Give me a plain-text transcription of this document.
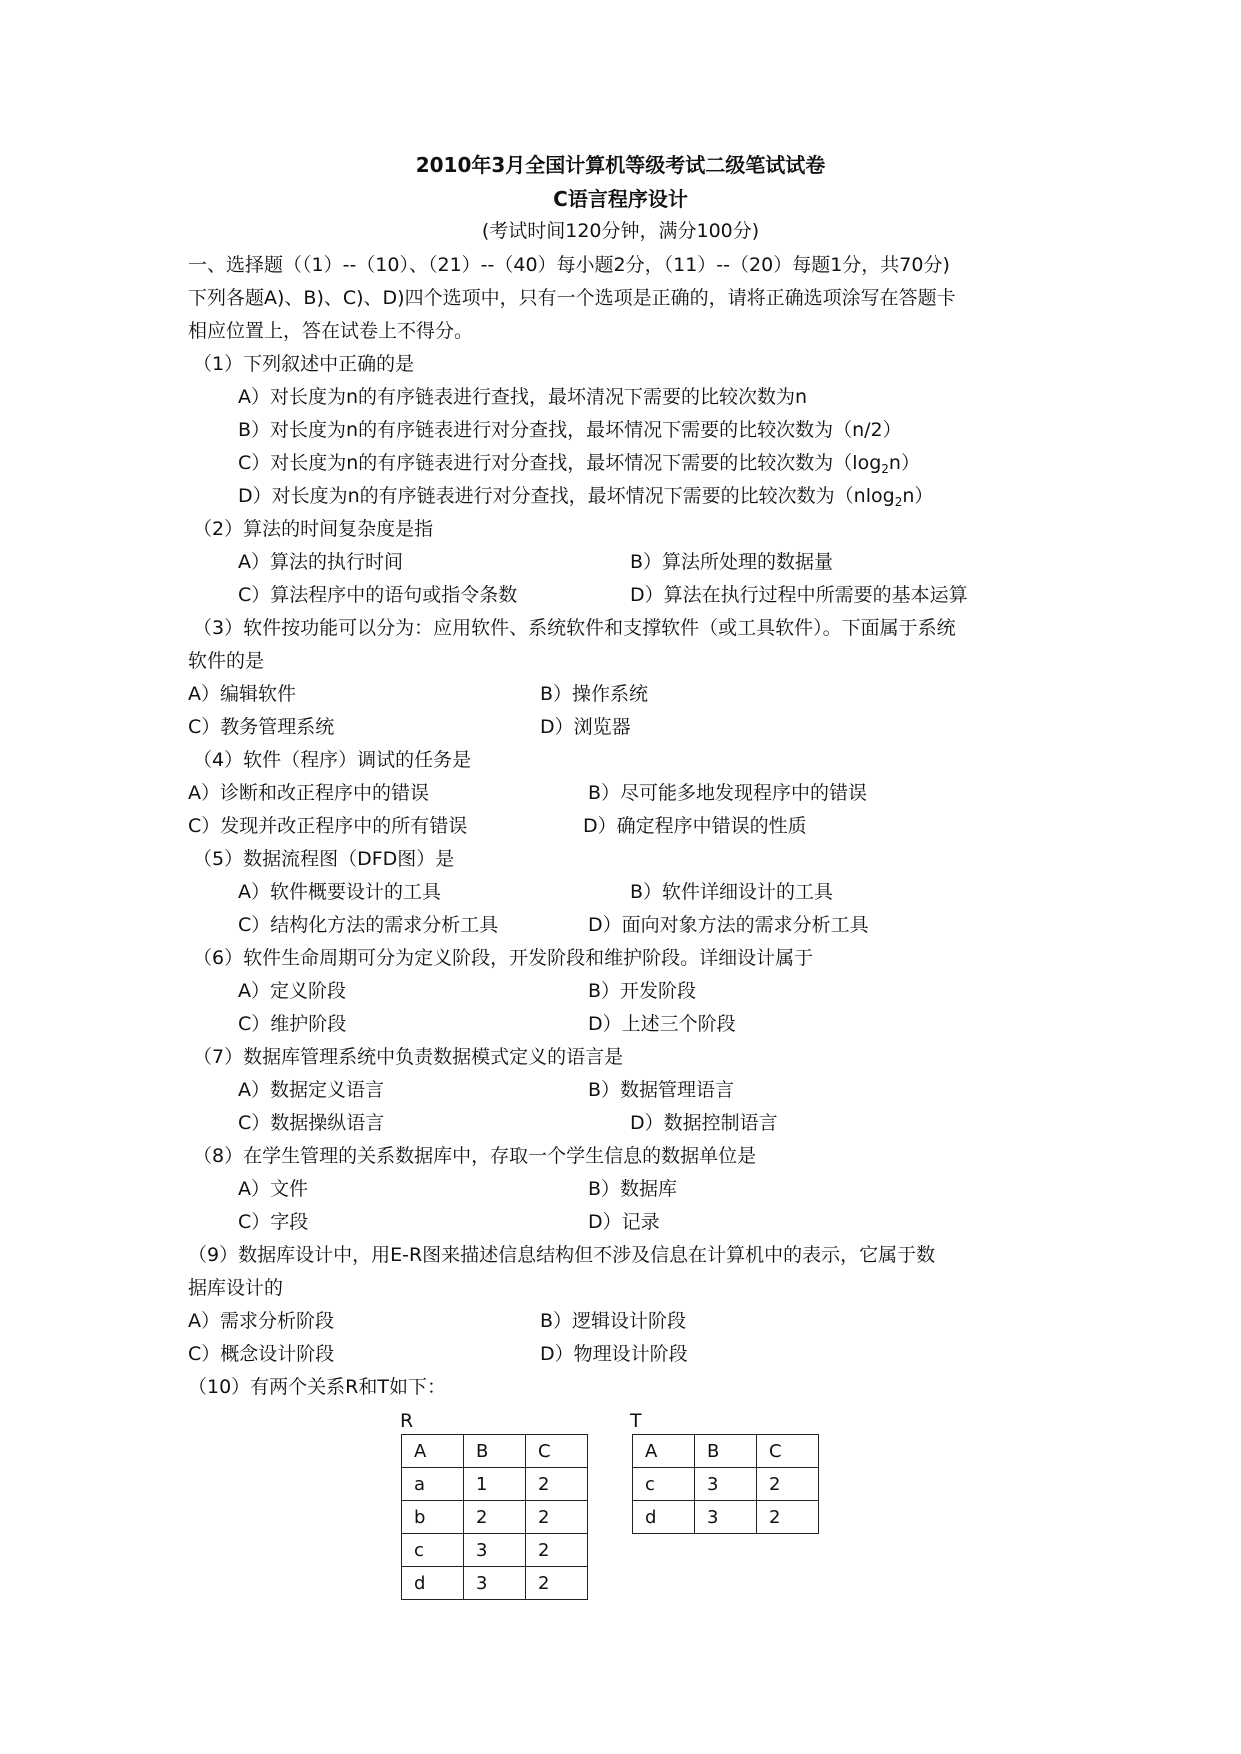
2010年3月全国计算机等级考试二级笔试试卷
C语言程序设计
(考试时间120分钟，满分100分)
一、选择题（（1）--（10）、（21）--（40）每小题2分，（11）--（20）每题1分，共70分)
下列各题A)、B)、C)、D)四个选项中，只有一个选项是正确的，请将正确选项涂写在答题卡
相应位置上，答在试卷上不得分。
（1）下列叙述中正确的是
A）对长度为n的有序链表进行查找，最坏清况下需要的比较次数为n
B）对长度为n的有序链表进行对分查找，最坏情况下需要的比较次数为（n/2）
C）对长度为n的有序链表进行对分查找，最坏情况下需要的比较次数为$(\log_2n)$
D）对长度为n的有序链表进行对分查找，最坏情况下需要的比较次数为（nlog$_2$n）
（2）算法的时间复杂度是指
A）算法的执行时间	B）算法所处理的数据量
C）算法程序中的语句或指令条数	D）算法在执行过程中所需要的基本运算
（3）软件按功能可以分为：应用软件、系统软件和支撑软件（或工具软件）。下面属于系统
软件的是
A）编辑软件	B）操作系统
C）教务管理系统	D）浏览器
（4）软件（程序）调试的任务是
A）诊断和改正程序中的错误	B）尽可能多地发现程序中的错误
C）发现并改正程序中的所有错误	D）确定程序中错误的性质
（5）数据流程图（DFD图）是
A）软件概要设计的工具	B）软件详细设计的工具
C）结构化方法的需求分析工具	D）面向对象方法的需求分析工具
（6）软件生命周期可分为定义阶段，开发阶段和维护阶段。详细设计属于
A）定义阶段	B）开发阶段
C）维护阶段	D）上述三个阶段
（7）数据库管理系统中负责数据模式定义的语言是
A）数据定义语言	B）数据管理语言
C）数据操纵语言	D）数据控制语言
（8）在学生管理的关系数据库中，存取一个学生信息的数据单位是
A）文件	B）数据库
C）字段	D）记录
（9）数据库设计中，用E-R图来描述信息结构但不涉及信息在计算机中的表示，它属于数
据库设计的
A）需求分析阶段	B）逻辑设计阶段
C）概念设计阶段	D）物理设计阶段
（10）有两个关系R和T如下：
R	T
A	B	C
a	1	2
b	2	2
c	3	2
d	3	2
A	B	C
c	3	2
d	3	2
